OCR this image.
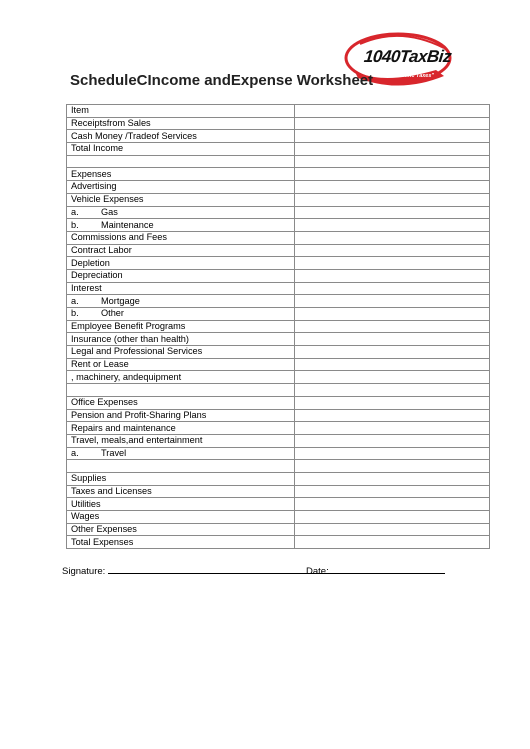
1040TaxBiz
"On Time Taxes"
ScheduleCIncome andExpense Worksheet
Item	
Receiptsfrom Sales	
Cash Money /Tradeof Services	
Total Income	

Expenses	
Advertising	
Vehicle Expenses	
a. Gas	
b. Maintenance	
Commissions and Fees	
Contract Labor	
Depletion	
Depreciation	
Interest	
a. Mortgage	
b. Other	
Employee Benefit Programs	
Insurance (other than health)	
Legal and Professional Services	
Rent or Lease	
, machinery, andequipment	

Office Expenses	
Pension and Profit-Sharing Plans	
Repairs and maintenance	
Travel, meals,and entertainment	
a. Travel	

Supplies	
Taxes and Licenses	
Utilities	
Wages	
Other Expenses	
Total Expenses	
Signature:	Date:
